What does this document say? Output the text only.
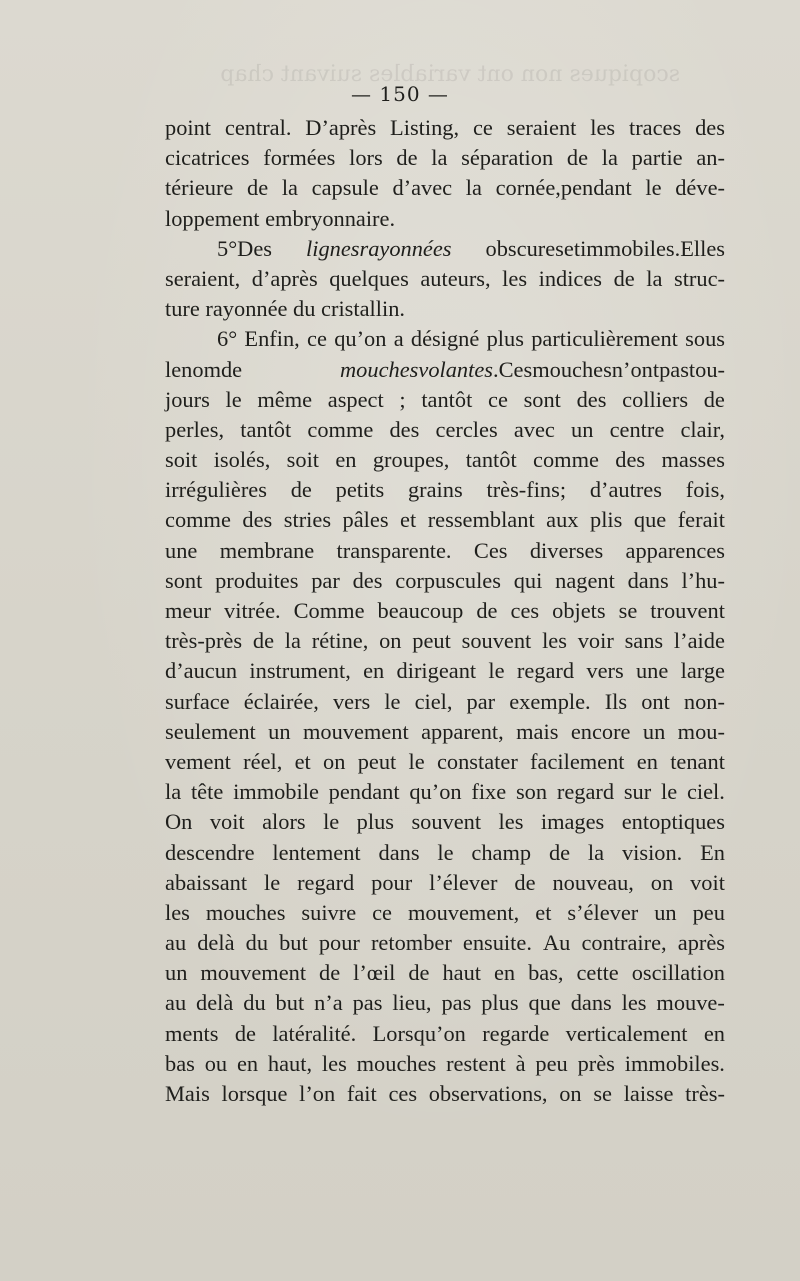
scopiques non ont variables suivant chap
— 150 —
point central. D’après Listing, ce seraient les traces des
cicatrices formées lors de la séparation de la partie an-
térieure de la capsule d’avec la cornée,pendant le déve-
loppement embryonnaire.
5°Des lignesrayonnées obscuresetimmobiles.Elles
seraient, d’après quelques auteurs, les indices de la struc-
ture rayonnée du cristallin.
6° Enfin, ce qu’on a désigné plus particulièrement sous
lenomde	mouchesvolantes.Cesmouchesn’ontpastou-
jours le même aspect ; tantôt ce sont des colliers de
perles, tantôt comme des cercles avec un centre clair,
soit isolés, soit en groupes, tantôt comme des masses
irrégulières de petits grains très-fins; d’autres fois,
comme des stries pâles et ressemblant aux plis que ferait
une membrane transparente. Ces diverses apparences
sont produites par des corpuscules qui nagent dans l’hu-
meur vitrée. Comme beaucoup de ces objets se trouvent
très-près de la rétine, on peut souvent les voir sans l’aide
d’aucun instrument, en dirigeant le regard vers une large
surface éclairée, vers le ciel, par exemple. Ils ont non-
seulement un mouvement apparent, mais encore un mou-
vement réel, et on peut le constater facilement en tenant
la tête immobile pendant qu’on fixe son regard sur le ciel.
On voit alors le plus souvent les images entoptiques
descendre lentement dans le champ de la vision. En
abaissant le regard pour l’élever de nouveau, on voit
les mouches suivre ce mouvement, et s’élever un peu
au delà du but pour retomber ensuite. Au contraire, après
un mouvement de l’œil de haut en bas, cette oscillation
au delà du but n’a pas lieu, pas plus que dans les mouve-
ments de latéralité. Lorsqu’on regarde verticalement en
bas ou en haut, les mouches restent à peu près immobiles.
Mais lorsque l’on fait ces observations, on se laisse très-
